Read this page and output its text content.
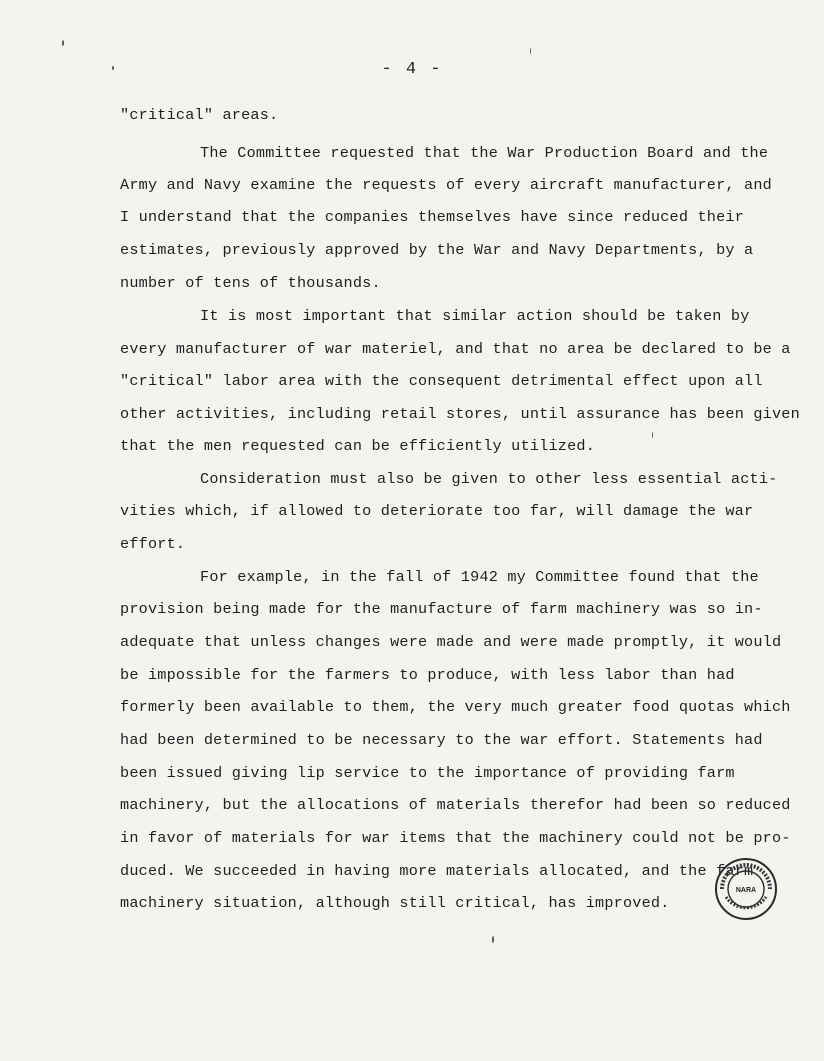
- 4 -
"critical" areas.
The Committee requested that the War Production Board and the
Army and Navy examine the requests of every aircraft manufacturer, and
I understand that the companies themselves have since reduced their
estimates, previously approved by the War and Navy Departments, by a
number of tens of thousands.
It is most important that similar action should be taken by
every manufacturer of war materiel, and that no area be declared to be a
"critical" labor area with the consequent detrimental effect upon all
other activities, including retail stores, until assurance has been given
that the men requested can be efficiently utilized.
Consideration must also be given to other less essential acti-
vities which, if allowed to deteriorate too far, will damage the war
effort.
For example, in the fall of 1942 my Committee found that the
provision being made for the manufacture of farm machinery was so in-
adequate that unless changes were made and were made promptly, it would
be impossible for the farmers to produce, with less labor than had
formerly been available to them, the very much greater food quotas which
had been determined to be necessary to the war effort. Statements had
been issued giving lip service to the importance of providing farm
machinery, but the allocations of materials therefor had been so reduced
in favor of materials for war items that the machinery could not be pro-
duced. We succeeded in having more materials allocated, and the farm
machinery situation, although still critical, has improved.
NARA
